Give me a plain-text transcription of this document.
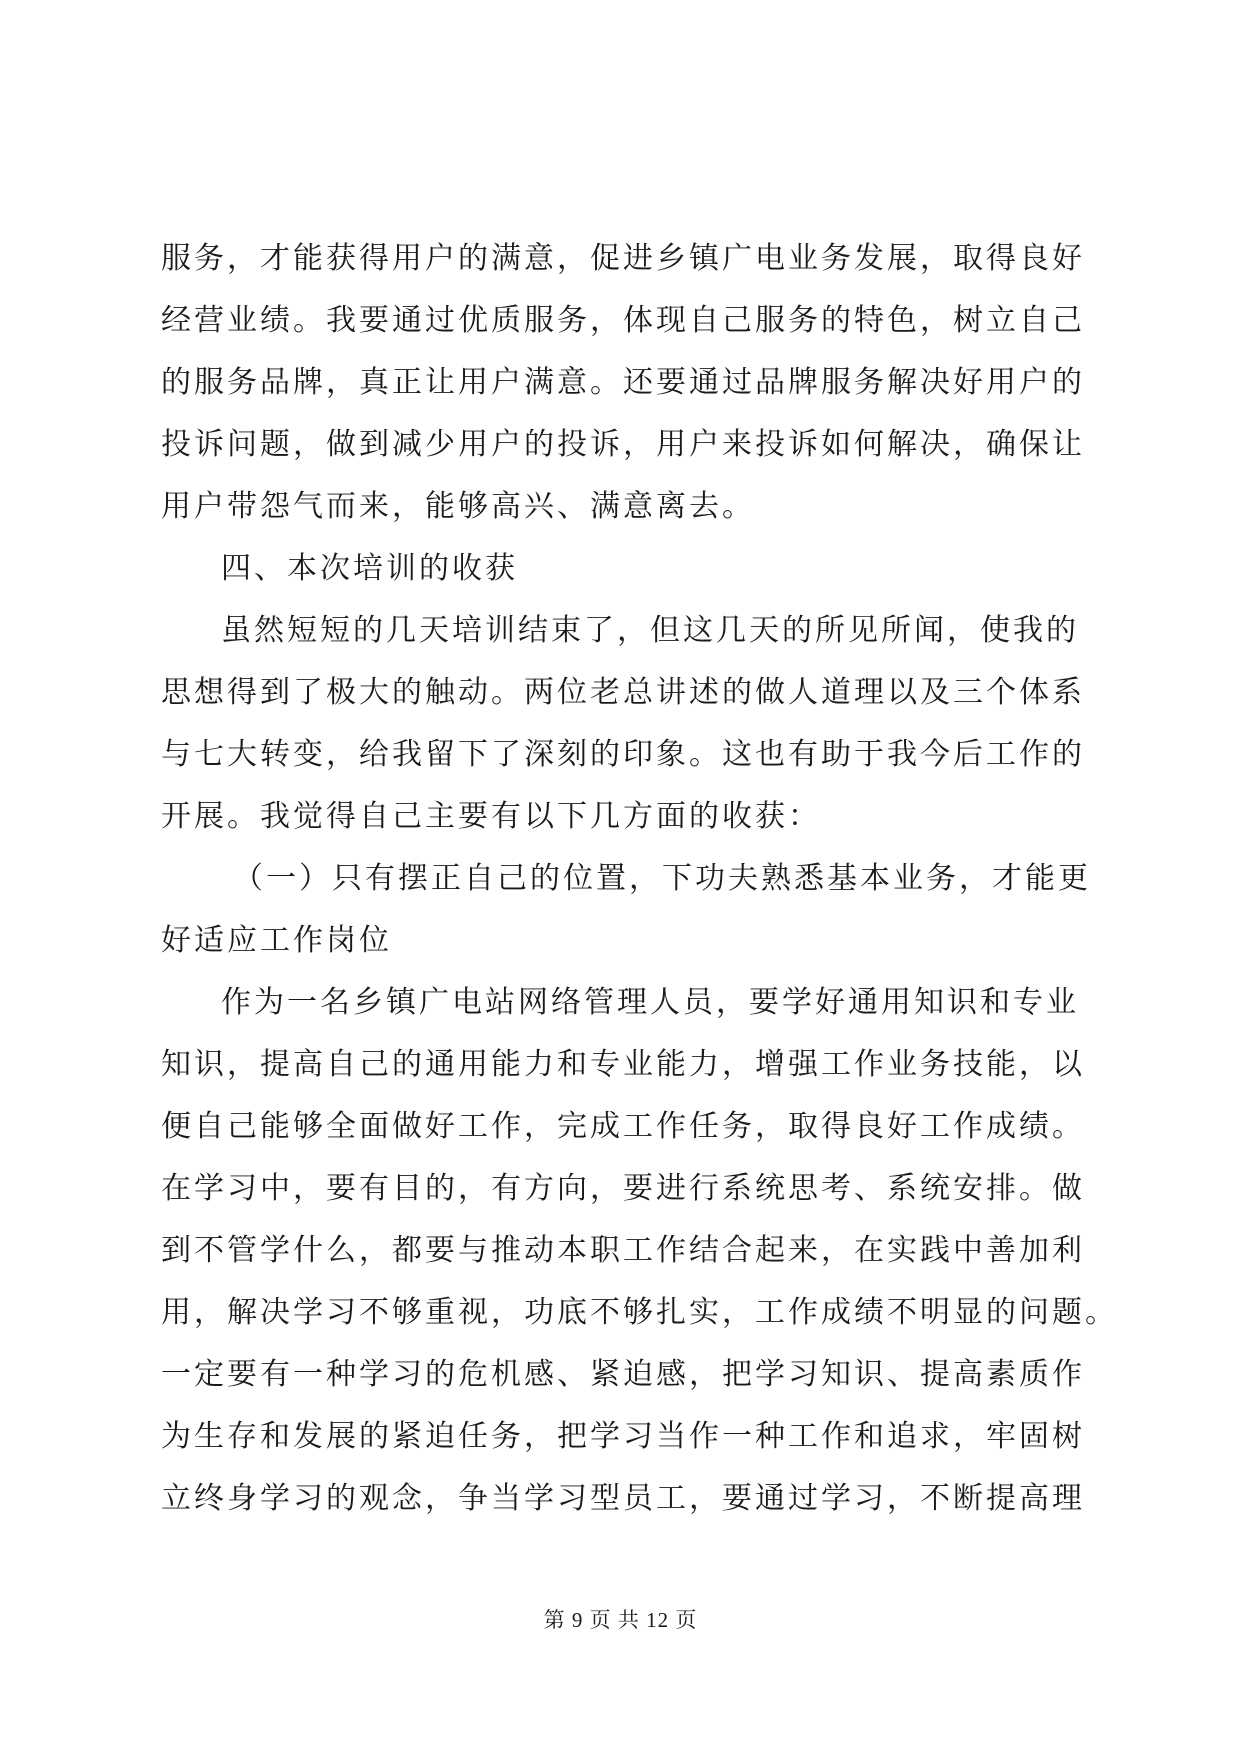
服务，才能获得用户的满意，促进乡镇广电业务发展，取得良好
经营业绩。我要通过优质服务，体现自己服务的特色，树立自己
的服务品牌，真正让用户满意。还要通过品牌服务解决好用户的
投诉问题，做到减少用户的投诉，用户来投诉如何解决，确保让
用户带怨气而来，能够高兴、满意离去。
四、本次培训的收获
虽然短短的几天培训结束了，但这几天的所见所闻，使我的
思想得到了极大的触动。两位老总讲述的做人道理以及三个体系
与七大转变，给我留下了深刻的印象。这也有助于我今后工作的
开展。我觉得自己主要有以下几方面的收获：
（一）只有摆正自己的位置，下功夫熟悉基本业务，才能更
好适应工作岗位
作为一名乡镇广电站网络管理人员，要学好通用知识和专业
知识，提高自己的通用能力和专业能力，增强工作业务技能，以
便自己能够全面做好工作，完成工作任务，取得良好工作成绩。
在学习中，要有目的，有方向，要进行系统思考、系统安排。做
到不管学什么，都要与推动本职工作结合起来，在实践中善加利
用，解决学习不够重视，功底不够扎实，工作成绩不明显的问题。
一定要有一种学习的危机感、紧迫感，把学习知识、提高素质作
为生存和发展的紧迫任务，把学习当作一种工作和追求，牢固树
立终身学习的观念，争当学习型员工，要通过学习，不断提高理
第 9 页 共 12 页
